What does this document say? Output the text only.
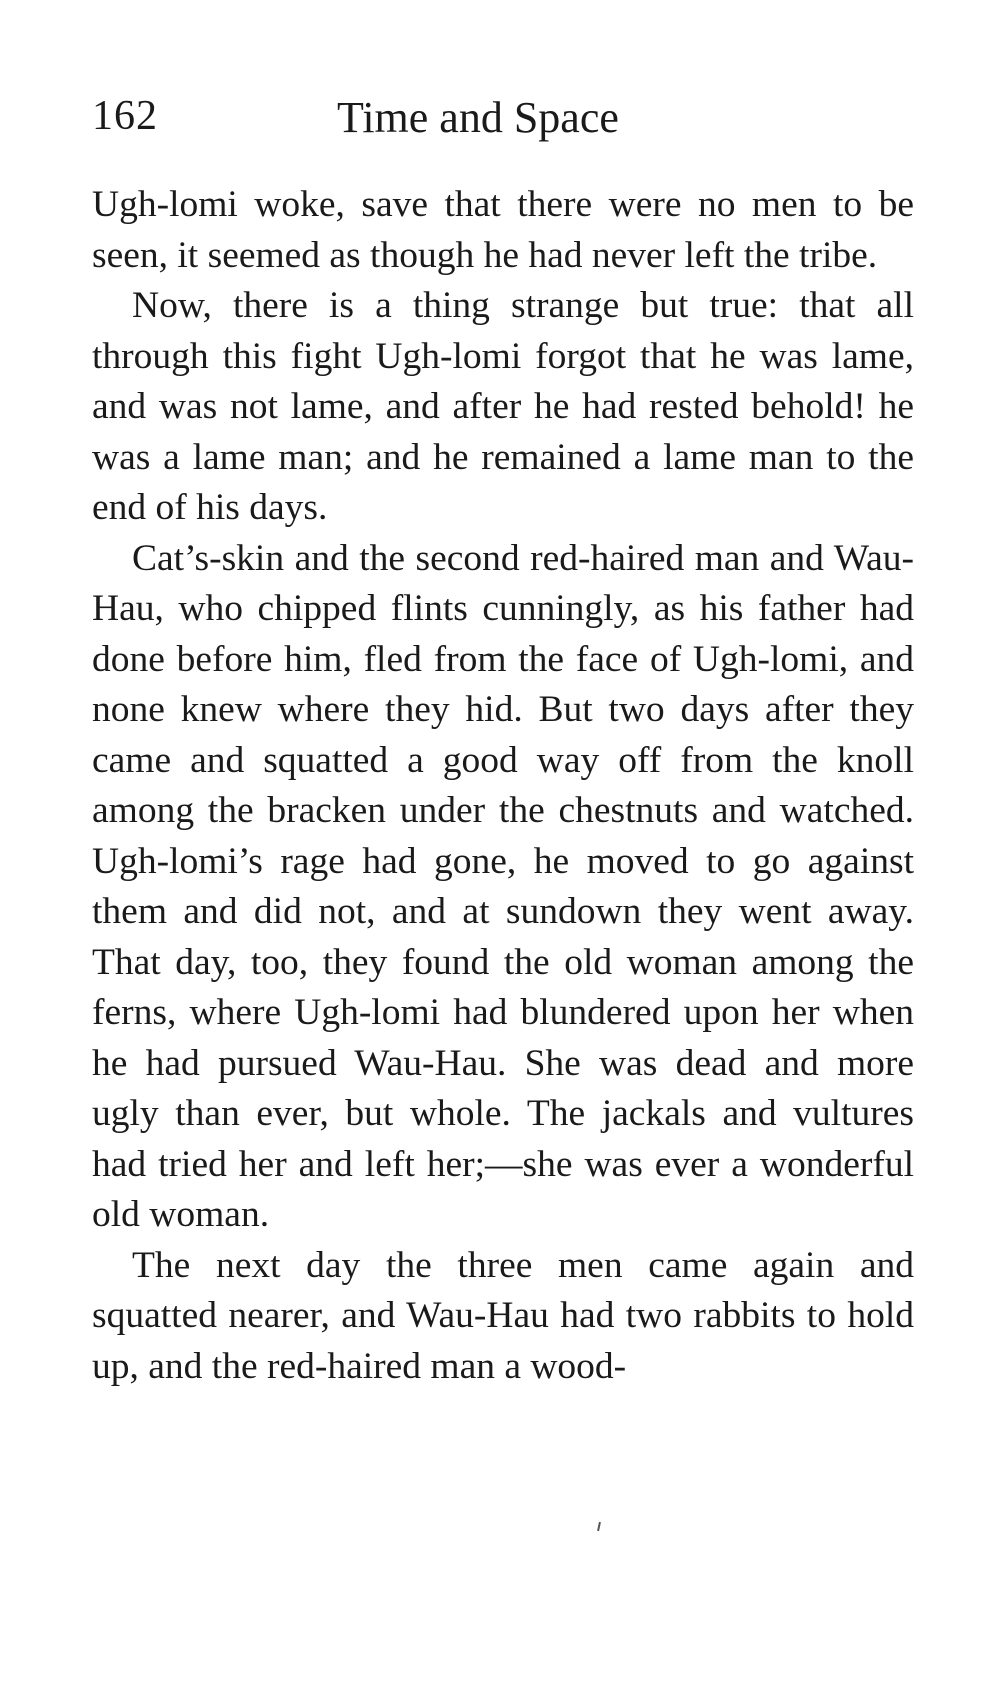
162	Time and Space

Ugh-lomi woke, save that there were no men to be seen, it seemed as though he had never left the tribe.

Now, there is a thing strange but true: that all through this fight Ugh-lomi forgot that he was lame, and was not lame, and after he had rested behold! he was a lame man; and he remained a lame man to the end of his days.

Cat’s-skin and the second red-haired man and Wau-Hau, who chipped flints cunningly, as his father had done before him, fled from the face of Ugh-lomi, and none knew where they hid. But two days after they came and squatted a good way off from the knoll among the bracken under the chestnuts and watched. Ugh-lomi’s rage had gone, he moved to go against them and did not, and at sundown they went away. That day, too, they found the old woman among the ferns, where Ugh-lomi had blundered upon her when he had pursued Wau-Hau. She was dead and more ugly than ever, but whole. The jackals and vultures had tried her and left her;—she was ever a wonderful old woman.

The next day the three men came again and squatted nearer, and Wau-Hau had two rabbits to hold up, and the red-haired man a wood-
